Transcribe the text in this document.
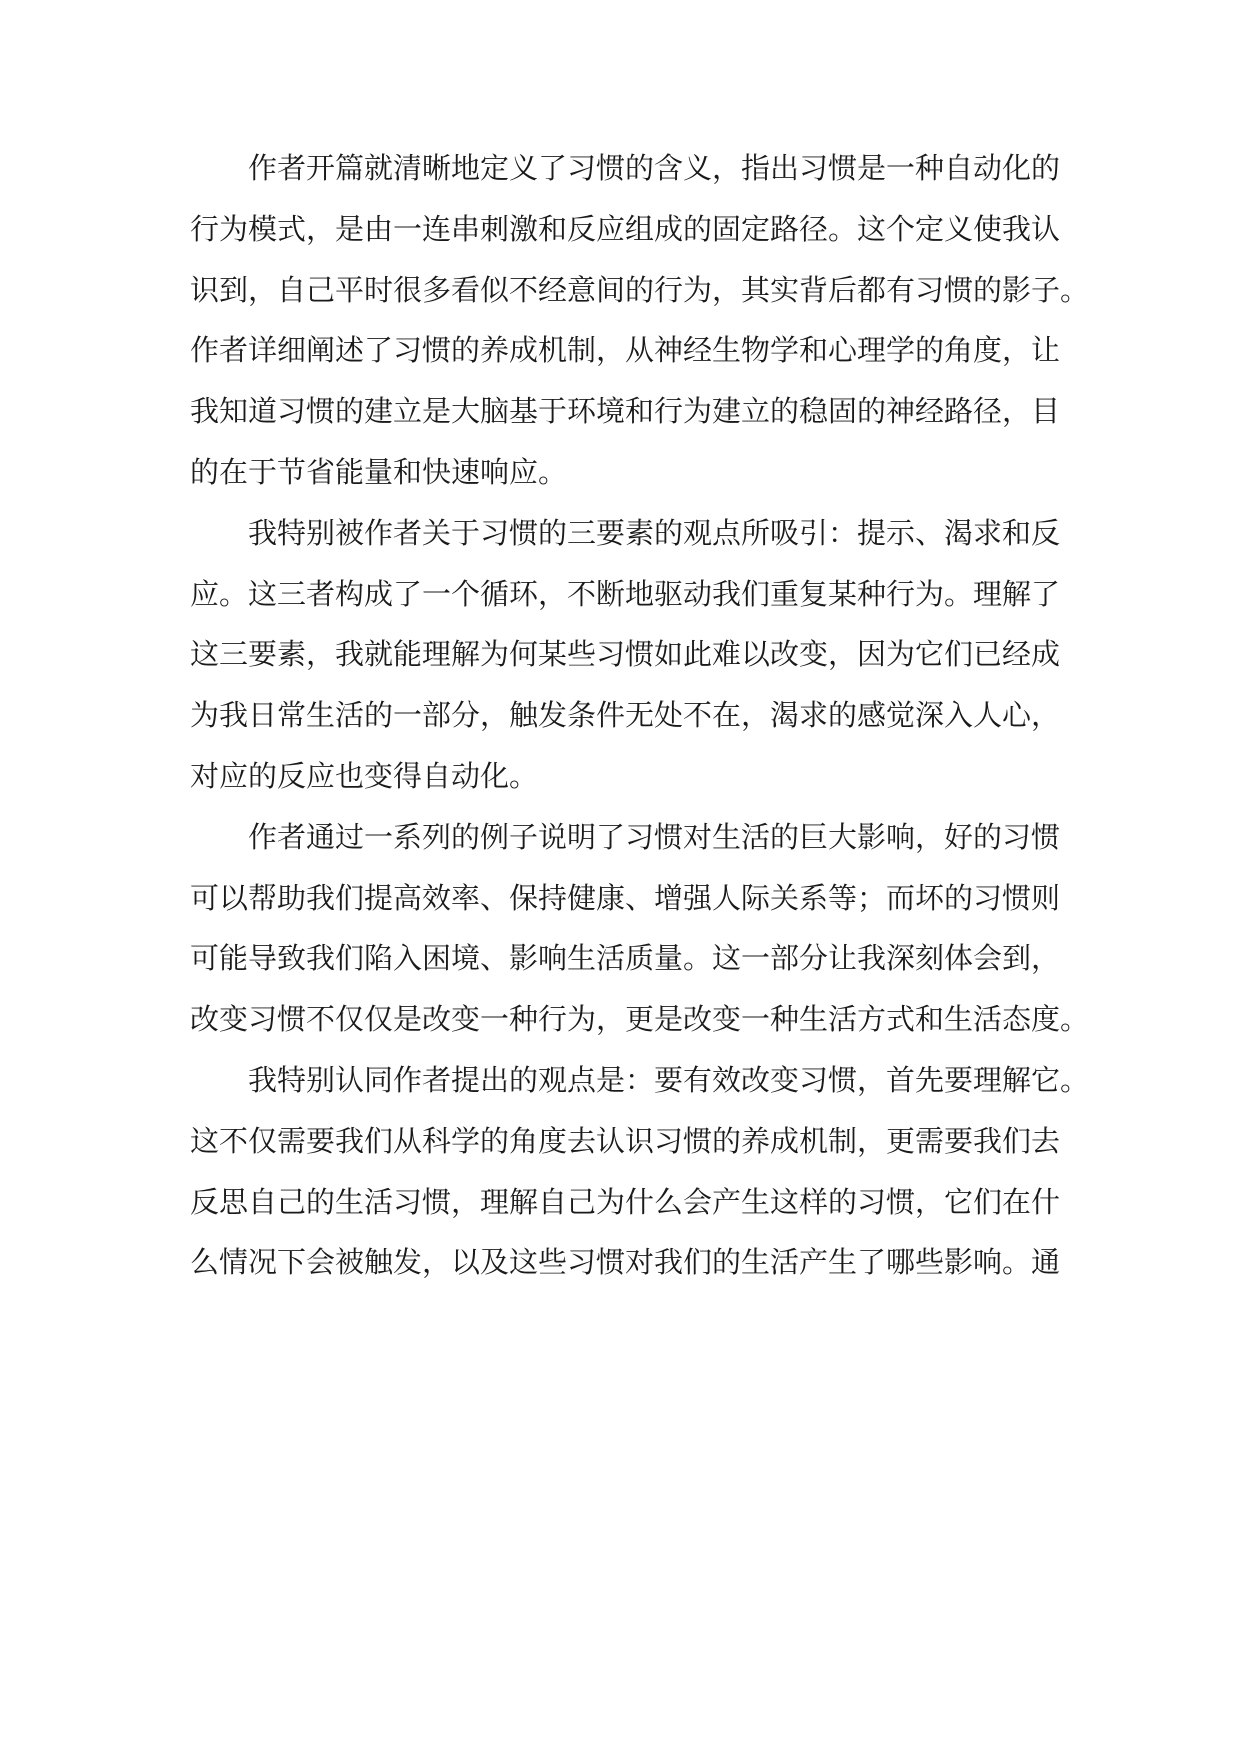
作者开篇就清晰地定义了习惯的含义，指出习惯是一种自动化的
行为模式，是由一连串刺激和反应组成的固定路径。这个定义使我认
识到，自己平时很多看似不经意间的行为，其实背后都有习惯的影子。
作者详细阐述了习惯的养成机制，从神经生物学和心理学的角度，让
我知道习惯的建立是大脑基于环境和行为建立的稳固的神经路径，目
的在于节省能量和快速响应。
我特别被作者关于习惯的三要素的观点所吸引：提示、渴求和反
应。这三者构成了一个循环，不断地驱动我们重复某种行为。理解了
这三要素，我就能理解为何某些习惯如此难以改变，因为它们已经成
为我日常生活的一部分，触发条件无处不在，渴求的感觉深入人心，
对应的反应也变得自动化。
作者通过一系列的例子说明了习惯对生活的巨大影响，好的习惯
可以帮助我们提高效率、保持健康、增强人际关系等；而坏的习惯则
可能导致我们陷入困境、影响生活质量。这一部分让我深刻体会到，
改变习惯不仅仅是改变一种行为，更是改变一种生活方式和生活态度。
我特别认同作者提出的观点是：要有效改变习惯，首先要理解它。
这不仅需要我们从科学的角度去认识习惯的养成机制，更需要我们去
反思自己的生活习惯，理解自己为什么会产生这样的习惯，它们在什
么情况下会被触发，以及这些习惯对我们的生活产生了哪些影响。通
